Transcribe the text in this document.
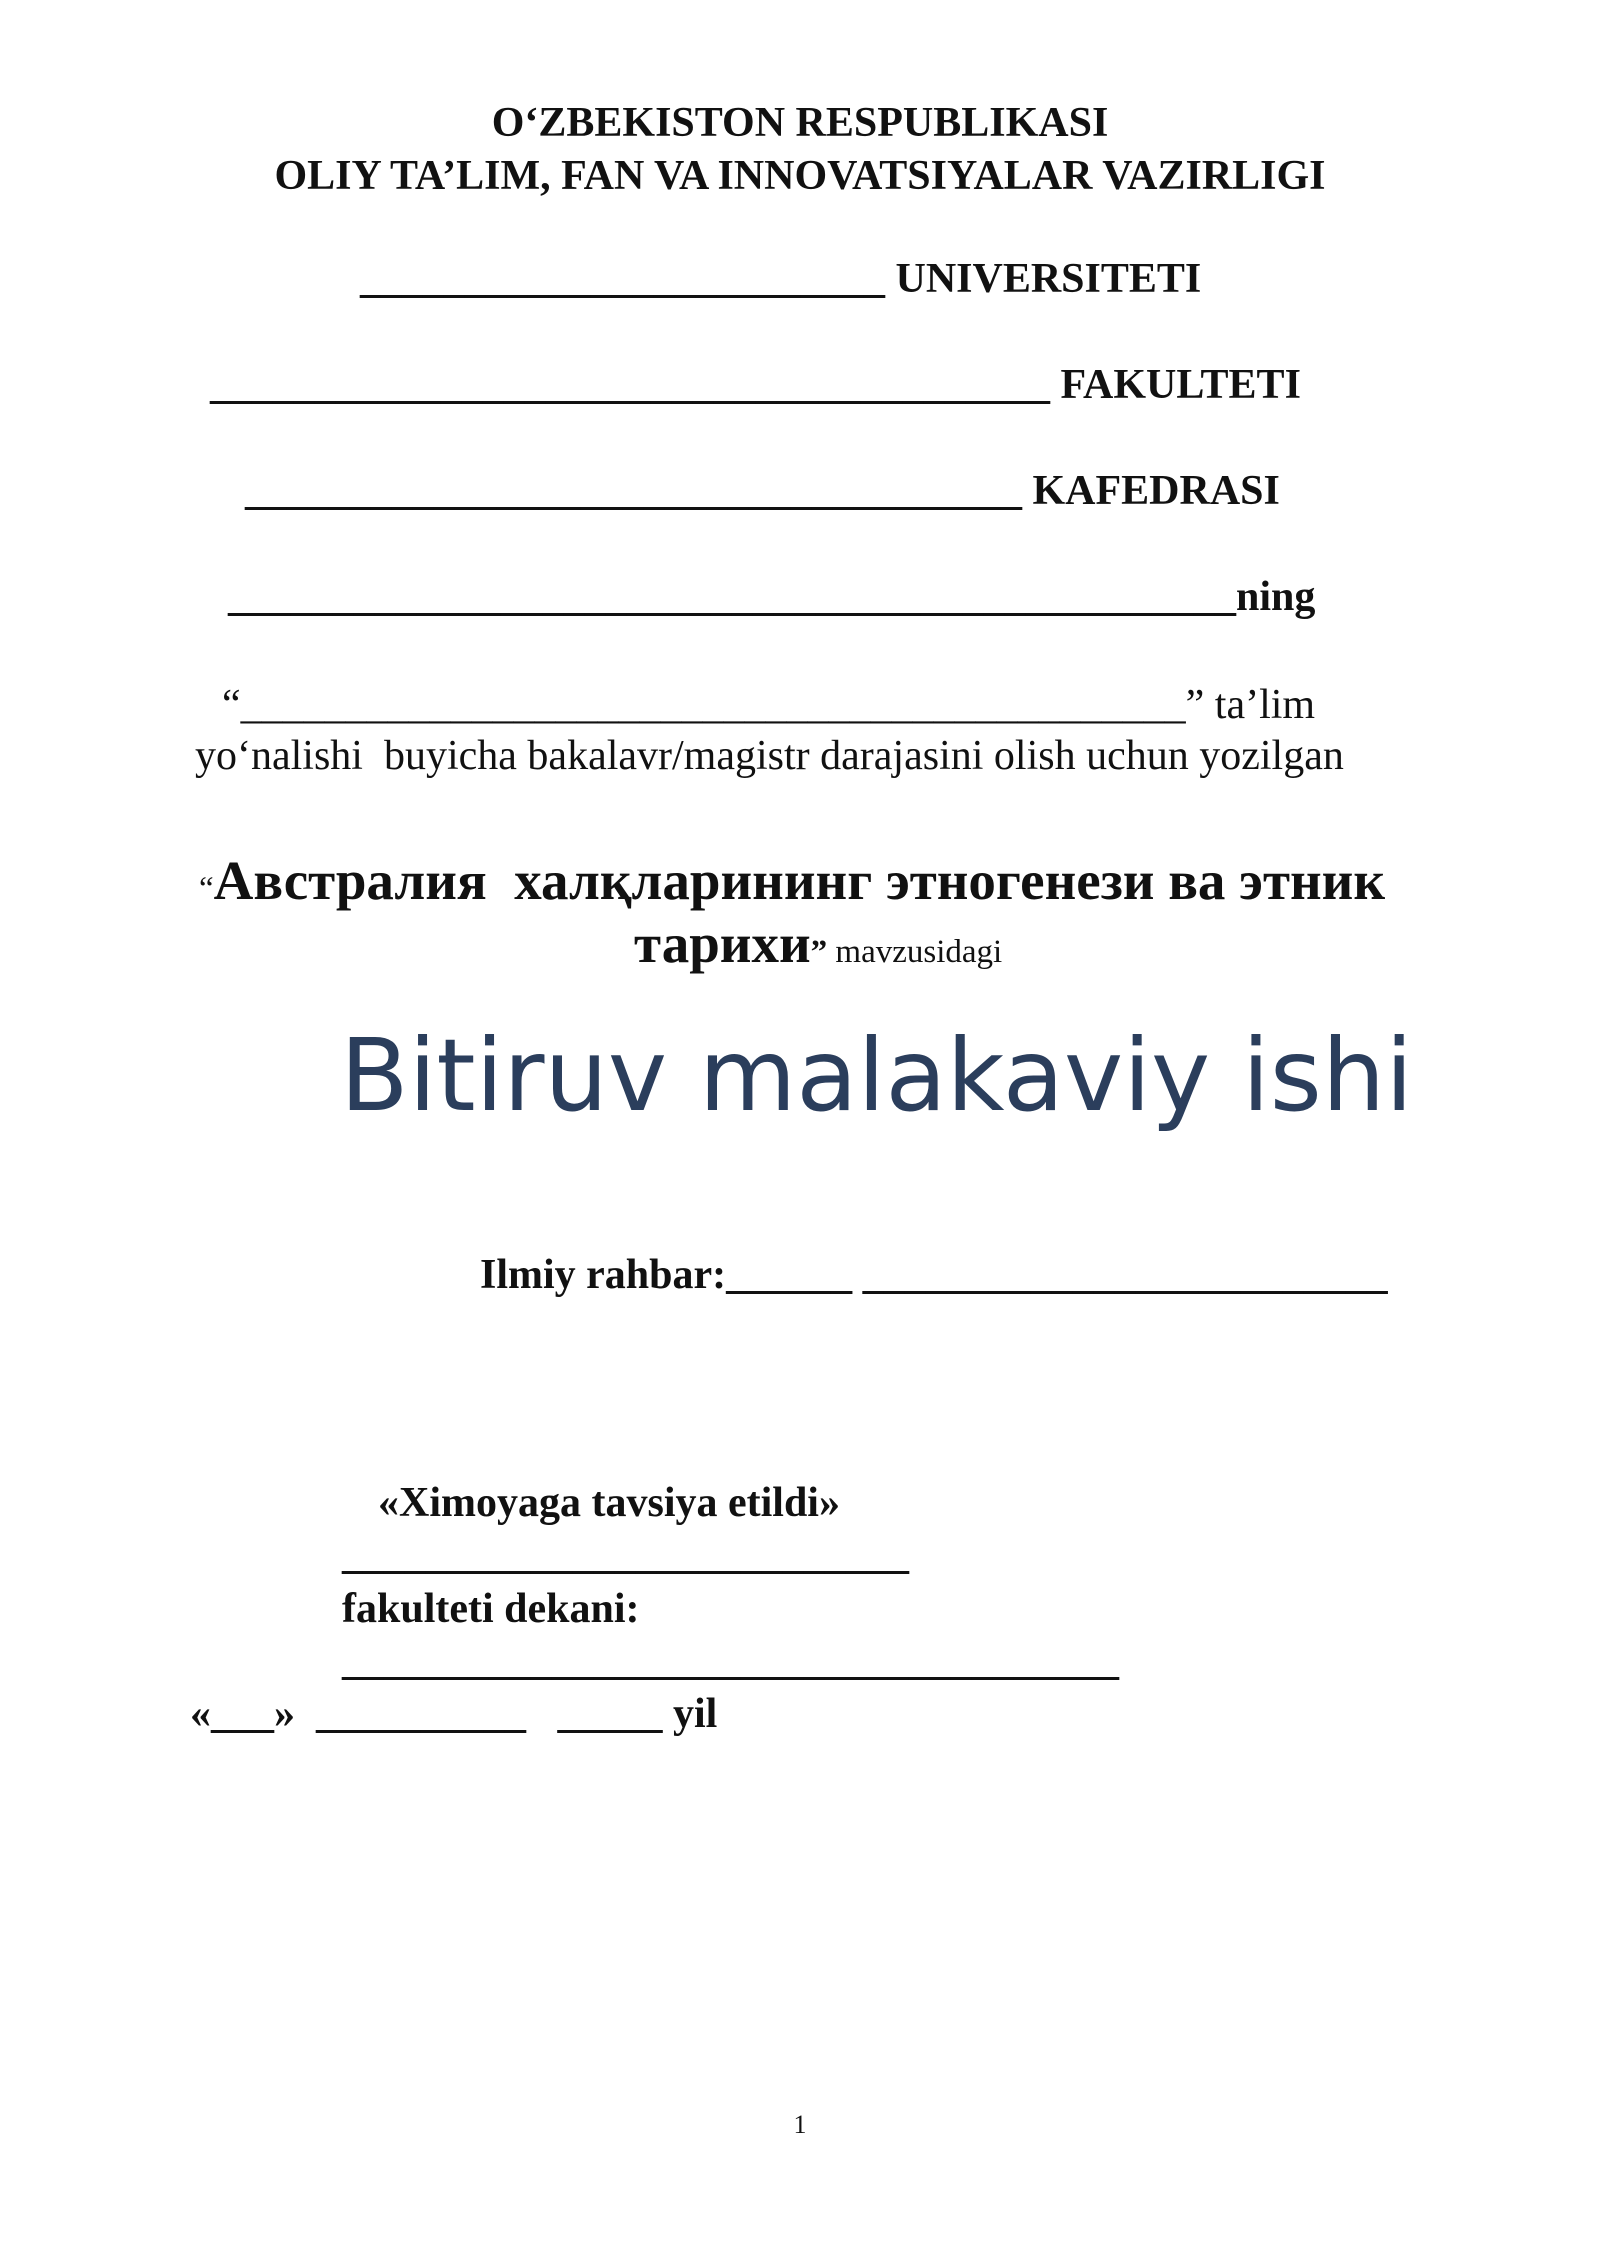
O‘ZBEKISTON RESPUBLIKASI
OLIY TA’LIM, FAN VA INNOVATSIYALAR VAZIRLIGI
_________________________ UNIVERSITETI
________________________________________ FAKULTETI
_____________________________________ KAFEDRASI
________________________________________________ning
“_____________________________________________” ta’lim
yo‘nalishi  buyicha bakalavr/magistr darajasini olish uchun yozilgan

“Австралия  халқларининг этногенези ва этник

тарихи” mavzusidagi

Bitiruv malakaviy ishi
Ilmiy rahbar:______ _________________________
«Ximoyaga tavsiya etildi»
___________________________
fakulteti dekani:
_____________________________________
«___»  __________   _____ yil
1
